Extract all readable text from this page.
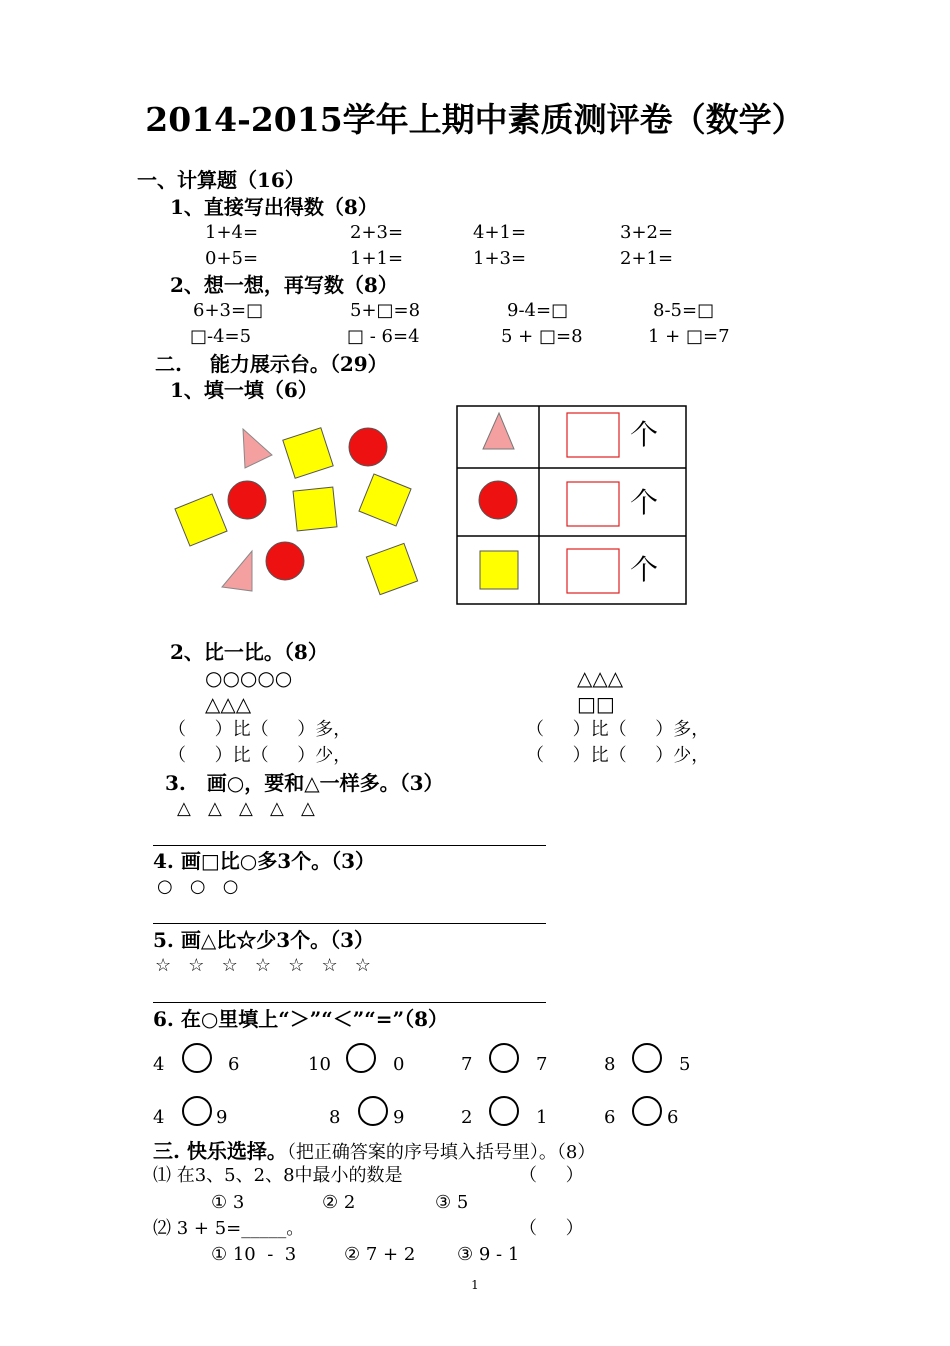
2014-2015学年上期中素质测评卷（数学）
一、计算题（16）
1、直接写出得数（8）
1+4=	2+3=	4+1=	3+2=
0+5=	1+1=	1+3=	2+1=
2、想一想，再写数（8）
6+3=□	5+□=8	9-4=□	8-5=□
□-4=5	□ - 6=4	5 + □=8	1 + □=7
二.    能力展示台。（29）
1、填一填（6）
个
个
个
2、比一比。（8）
○○○○○
△△△
△△△
□□
（     ）比（     ）多，
（     ）比（     ）少，
（     ）比（     ）多，
（     ）比（     ）少，
3.   画○，要和△一样多。（3）
△   △   △   △   △
4. 画□比○多3个。（3）
○   ○   ○
5. 画△比☆少3个。（3）
☆   ☆   ☆   ☆   ☆   ☆   ☆
6. 在○里填上“＞”“＜”“=”（8）
4	6	10	0	7	7	8	5
4	9	8	9	2	1	6	6
三. 快乐选择。（把正确答案的序号填入括号里）。（8）
⑴ 在3、5、2、8中最小的数是	（     ）
① 3	② 2	③ 5
⑵ 3 + 5=_____。	（     ）
① 10  -  3	② 7 + 2 ③ 9 - 1
1
